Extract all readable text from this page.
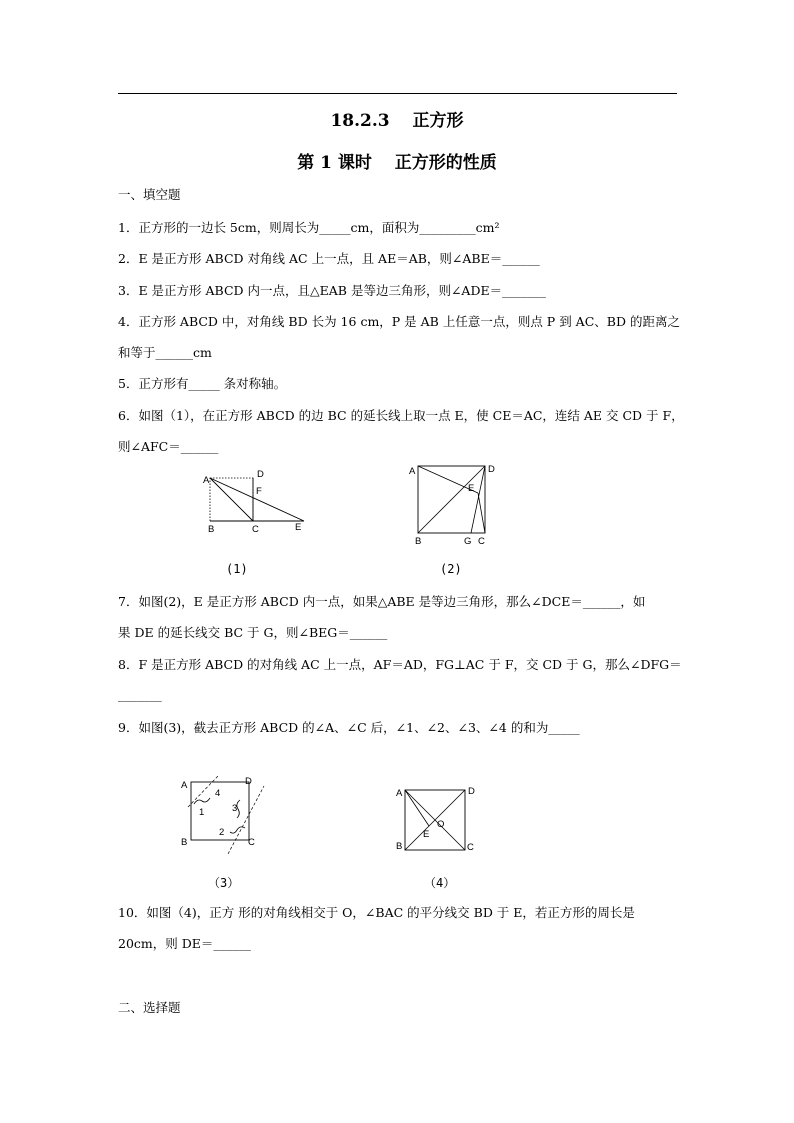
18.2.3　 正方形
第 1 课时　 正方形的性质
一、填空题
1．正方形的一边长 5cm，则周长为_____cm，面积为_________cm²
2．E 是正方形 ABCD 对角线 AC 上一点，且 AE＝AB，则∠ABE＝______
3．E 是正方形 ABCD 内一点，且△EAB 是等边三角形，则∠ADE＝_______
4．正方形 ABCD 中，对角线 BD 长为 16 cm，P 是 AB 上任意一点，则点 P 到 AC、BD 的距离之
和等于______cm
5．正方形有_____ 条对称轴。
6．如图（1），在正方形 ABCD 的边 BC 的延长线上取一点 E，使 CE＝AC，连结 AE 交 CD 于 F，
则∠AFC＝______
A
B	C
D
F
E
(1)
A	D
E
B	G C
(2)
7．如图(2)，E 是正方形 ABCD 内一点，如果△ABE 是等边三角形，那么∠DCE＝______，如
果 DE 的延长线交 BC 于 G，则∠BEG＝______
8．F 是正方形 ABCD 的对角线 AC 上一点，AF＝AD，FG⊥AC 于 F，交 CD 于 G，那么∠DFG＝
_______
9．如图(3)，截去正方形 ABCD 的∠A、∠C 后，∠1、∠2、∠3、∠4 的和为_____
A	D
B	C
4
1	3
2
（3）
A	D
B	C
O
E
（4）
10．如图（4)，正方 形的对角线相交于 O，∠BAC 的平分线交 BD 于 E，若正方形的周长是
20cm，则 DE＝______
二、选择题
